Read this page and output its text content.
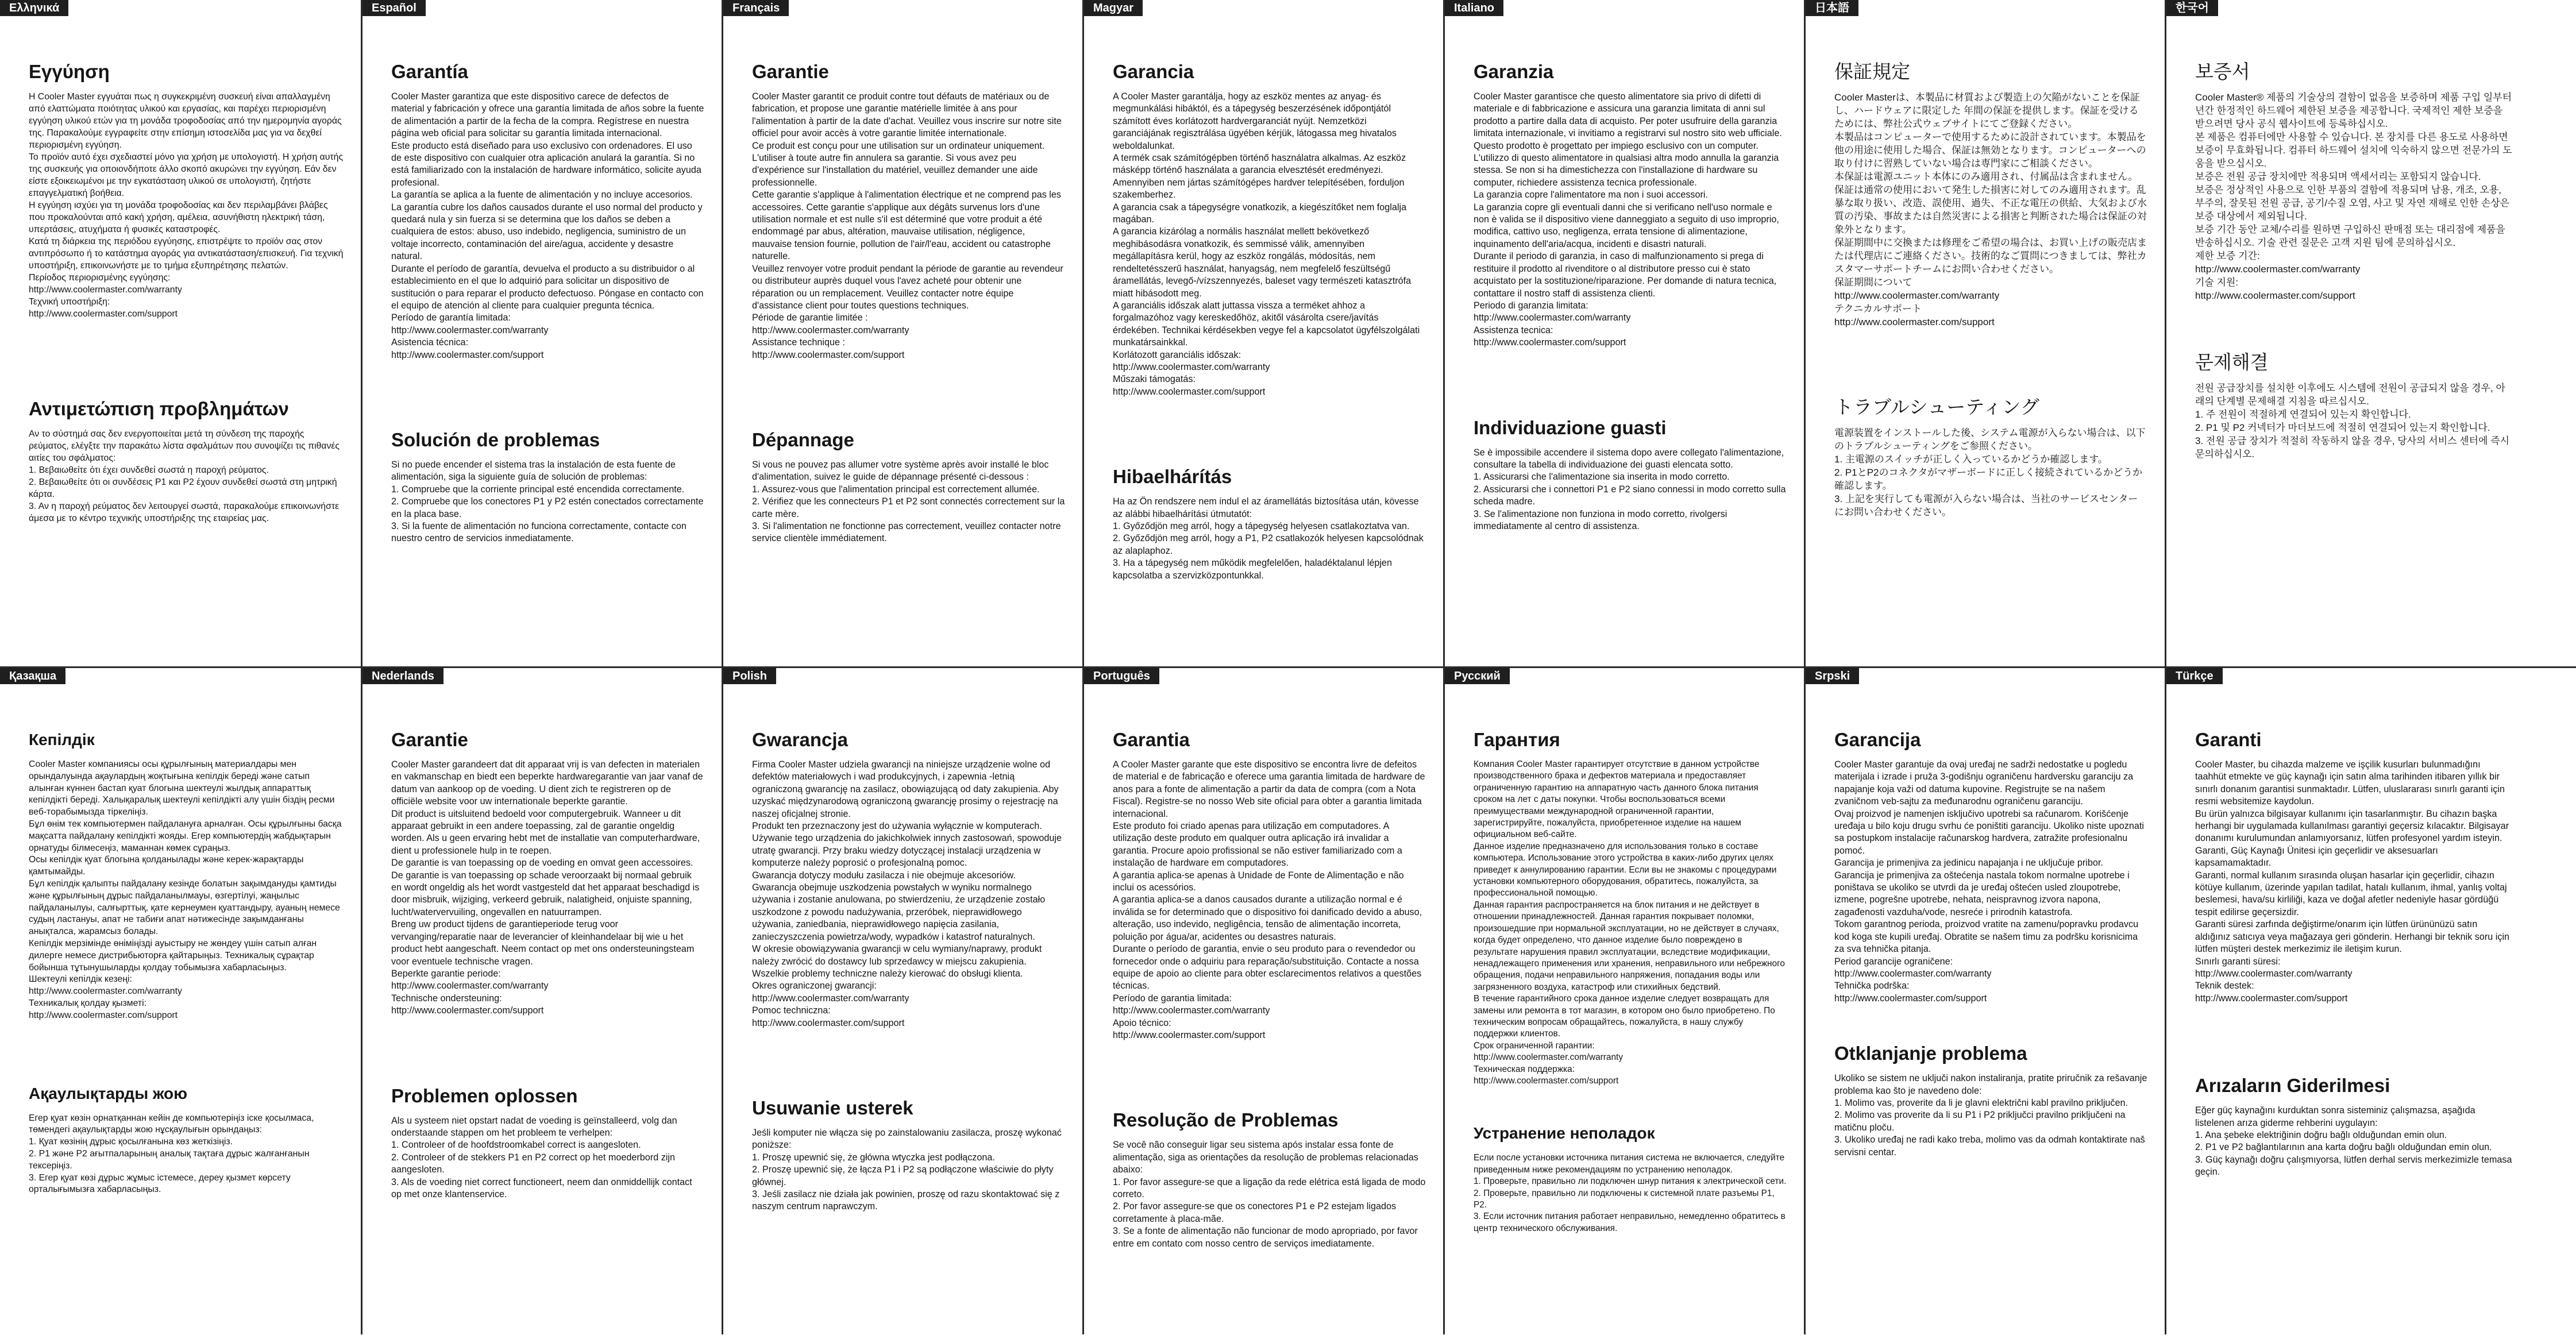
Ελληνικά
Εγγύηση

H Cooler Master εγγυάται πως η συγκεκριμένη συσκευή είναι απαλλαγμένη από ελαττώματα ποιότητας υλικού και εργασίας, και παρέχει περιορισμένη εγγύηση υλικού ετών για τη μονάδα τροφοδοσίας από την ημερομηνία αγοράς της. Παρακαλούμε εγγραφείτε στην επίσημη ιστοσελίδα μας για να δεχθεί περιορισμένη εγγύηση.

Το προϊόν αυτό έχει σχεδιαστεί μόνο για χρήση με υπολογιστή. Η χρήση αυτής της συσκευής για οποιονδήποτε άλλο σκοπό ακυρώνει την εγγύηση. Εάν δεν είστε εξοικειωμένοι με την εγκατάσταση υλικού σε υπολογιστή, ζητήστε επαγγελματική βοήθεια.

Η εγγύηση ισχύει για τη μονάδα τροφοδοσίας και δεν περιλαμβάνει βλάβες που προκαλούνται από κακή χρήση, αμέλεια, ασυνήθιστη ηλεκτρική τάση, υπερτάσεις, ατυχήματα ή φυσικές καταστροφές.

Κατά τη διάρκεια της περιόδου εγγύησης, επιστρέψτε το προϊόν σας στον αντιπρόσωπο ή το κατάστημα αγοράς για αντικατάσταση/επισκευή. Για τεχνική υποστήριξη, επικοινωνήστε με το τμήμα εξυπηρέτησης πελατών.

Περίοδος περιορισμένης εγγύησης:

http://www.coolermaster.com/warranty

Τεχνική υποστήριξη:

http://www.coolermaster.com/support

Αντιμετώπιση προβλημάτων

Αν το σύστημά σας δεν ενεργοποιείται μετά τη σύνδεση της παροχής ρεύματος, ελέγξτε την παρακάτω λίστα σφαλμάτων που συνοψίζει τις πιθανές αιτίες του σφάλματος:

1. Βεβαιωθείτε ότι έχει συνδεθεί σωστά η παροχή ρεύματος.

2. Βεβαιωθείτε ότι οι συνδέσεις P1 και P2 έχουν συνδεθεί σωστά στη μητρική κάρτα.

3. Αν η παροχή ρεύματος δεν λειτουργεί σωστά, παρακαλούμε επικοινωνήστε άμεσα με το κέντρο τεχνικής υποστήριξης της εταιρείας μας.

Español
Garantía

Cooler Master garantiza que este dispositivo carece de defectos de material y fabricación y ofrece una garantía limitada de años sobre la fuente de alimentación a partir de la fecha de la compra. Regístrese en nuestra página web oficial para solicitar su garantía limitada internacional.

Este producto está diseñado para uso exclusivo con ordenadores. El uso de este dispositivo con cualquier otra aplicación anulará la garantía. Si no está familiarizado con la instalación de hardware informático, solicite ayuda profesional.

La garantía se aplica a la fuente de alimentación y no incluye accesorios.

La garantía cubre los daños causados durante el uso normal del producto y quedará nula y sin fuerza si se determina que los daños se deben a cualquiera de estos: abuso, uso indebido, negligencia, suministro de un voltaje incorrecto, contaminación del aire/agua, accidente y desastre natural.

Durante el período de garantía, devuelva el producto a su distribuidor o al establecimiento en el que lo adquirió para solicitar un dispositivo de sustitución o para reparar el producto defectuoso. Póngase en contacto con el equipo de atención al cliente para cualquier pregunta técnica.

Período de garantía limitada:

http://www.coolermaster.com/warranty

Asistencia técnica:

http://www.coolermaster.com/support

Solución de problemas

Si no puede encender el sistema tras la instalación de esta fuente de alimentación, siga la siguiente guía de solución de problemas:

1. Compruebe que la corriente principal esté encendida correctamente.

2. Compruebe que los conectores P1 y P2 estén conectados correctamente en la placa base.

3. Si la fuente de alimentación no funciona correctamente, contacte con nuestro centro de servicios inmediatamente.

Français
Garantie

Cooler Master garantit ce produit contre tout défauts de matériaux ou de fabrication, et propose une garantie matérielle limitée à ans pour l'alimentation à partir de la date d'achat. Veuillez vous inscrire sur notre site officiel pour avoir accès à votre garantie limitée internationale.

Ce produit est conçu pour une utilisation sur un ordinateur uniquement. L'utiliser à toute autre fin annulera sa garantie. Si vous avez peu d'expérience sur l'installation du matériel, veuillez demander une aide professionnelle.

Cette garantie s'applique à l'alimentation électrique et ne comprend pas les accessoires. Cette garantie s'applique aux dégâts survenus lors d'une utilisation normale et est nulle s'il est déterminé que votre produit a été endommagé par abus, altération, mauvaise utilisation, négligence, mauvaise tension fournie, pollution de l'air/l'eau, accident ou catastrophe naturelle.

Veuillez renvoyer votre produit pendant la période de garantie au revendeur ou distributeur auprès duquel vous l'avez acheté pour obtenir une réparation ou un remplacement. Veuillez contacter notre équipe d'assistance client pour toutes questions techniques.

Période de garantie limitée :

http://www.coolermaster.com/warranty

Assistance technique :

http://www.coolermaster.com/support

Dépannage

Si vous ne pouvez pas allumer votre système après avoir installé le bloc d'alimentation, suivez le guide de dépannage présenté ci-dessous :

1. Assurez-vous que l'alimentation principal est correctement allumée.

2. Vérifiez que les connecteurs P1 et P2 sont connectés correctement sur la carte mère.

3. Si l'alimentation ne fonctionne pas correctement, veuillez contacter notre service clientèle immédiatement.

Magyar
Garancia

A Cooler Master garantálja, hogy az eszköz mentes az anyag- és megmunkálási hibáktól, és a tápegység beszerzésének időpontjától számított éves korlátozott hardvergaranciát nyújt. Nemzetközi garanciájának regisztrálása ügyében kérjük, látogassa meg hivatalos weboldalunkat.

A termék csak számítógépben történő használatra alkalmas. Az eszköz másképp történő használata a garancia elvesztését eredményezi. Amennyiben nem jártas számítógépes hardver telepítésében, forduljon szakemberhez.

A garancia csak a tápegységre vonatkozik, a kiegészítőket nem foglalja magában.

A garancia kizárólag a normális használat mellett bekövetkező meghibásodásra vonatkozik, és semmissé válik, amennyiben megállapításra kerül, hogy az eszköz rongálás, módosítás, nem rendeltetésszerű használat, hanyagság, nem megfelelő feszültségű áramellátás, levegő-/vízszennyezés, baleset vagy természeti katasztrófa miatt hibásodott meg.

A garanciális időszak alatt juttassa vissza a terméket ahhoz a forgalmazóhoz vagy kereskedőhöz, akitől vásárolta csere/javítás érdekében. Technikai kérdésekben vegye fel a kapcsolatot ügyfélszolgálati munkatársainkkal.

Korlátozott garanciális időszak:

http://www.coolermaster.com/warranty

Műszaki támogatás:

http://www.coolermaster.com/support

Hibaelhárítás

Ha az Ön rendszere nem indul el az áramellátás biztosítása után, kövesse az alábbi hibaelhárítási útmutatót:

1. Győződjön meg arról, hogy a tápegység helyesen csatlakoztatva van.

2. Győződjön meg arról, hogy a P1, P2 csatlakozók helyesen kapcsolódnak az alaplaphoz.

3. Ha a tápegység nem működik megfelelően, haladéktalanul lépjen kapcsolatba a szervizközpontunkkal.

Italiano
Garanzia

Cooler Master garantisce che questo alimentatore sia privo di difetti di materiale e di fabbricazione e assicura una garanzia limitata di anni sul prodotto a partire dalla data di acquisto. Per poter usufruire della garanzia limitata internazionale, vi invitiamo a registrarvi sul nostro sito web ufficiale.

Questo prodotto è progettato per impiego esclusivo con un computer. L'utilizzo di questo alimentatore in qualsiasi altra modo annulla la garanzia stessa. Se non si ha dimestichezza con l'installazione di hardware su computer, richiedere assistenza tecnica professionale.

La garanzia copre l'alimentatore ma non i suoi accessori.

La garanzia copre gli eventuali danni che si verificano nell'uso normale e non è valida se il dispositivo viene danneggiato a seguito di uso improprio, modifica, cattivo uso, negligenza, errata tensione di alimentazione, inquinamento dell'aria/acqua, incidenti e disastri naturali.

Durante il periodo di garanzia, in caso di malfunzionamento si prega di restituire il prodotto al rivenditore o al distributore presso cui è stato acquistato per la sostituzione/riparazione. Per domande di natura tecnica, contattare il nostro staff di assistenza clienti.

Periodo di garanzia limitata:

http://www.coolermaster.com/warranty

Assistenza tecnica:

http://www.coolermaster.com/support

Individuazione guasti

Se è impossibile accendere il sistema dopo avere collegato l'alimentazione, consultare la tabella di individuazione dei guasti elencata sotto.

1. Assicurarsi che l'alimentazione sia inserita in modo corretto.

2. Assicurarsi che i connettori P1 e P2 siano connessi in modo corretto sulla scheda madre.

3. Se l'alimentazione non funziona in modo corretto, rivolgersi immediatamente al centro di assistenza.

日本語
保証規定

Cooler Masterは、本製品に材質および製造上の欠陥がないことを保証し、ハードウェアに限定した 年間の保証を提供します。保証を受けるためには、弊社公式ウェブサイトにてご登録ください。

本製品はコンピューターで使用するために設計されています。本製品を他の用途に使用した場合、保証は無効となります。コンピューターへの取り付けに習熟していない場合は専門家にご相談ください。

本保証は電源ユニット本体にのみ適用され、付属品は含まれません。

保証は通常の使用において発生した損害に対してのみ適用されます。乱暴な取り扱い、改造、誤使用、過失、不正な電圧の供給、大気および水質の汚染、事故または自然災害による損害と判断された場合は保証の対象外となります。

保証期間中に交換または修理をご希望の場合は、お買い上げの販売店または代理店にご連絡ください。技術的なご質問につきましては、弊社カスタマーサポートチームにお問い合わせください。

保証期間について

http://www.coolermaster.com/warranty

テクニカルサポート

http://www.coolermaster.com/support

トラブルシューティング

電源装置をインストールした後、システム電源が入らない場合は、以下のトラブルシューティングをご参照ください。

1. 主電源のスイッチが正しく入っているかどうか確認します。

2. P1とP2のコネクタがマザーボードに正しく接続されているかどうか確認します。

3. 上記を実行しても電源が入らない場合は、当社のサービスセンターにお問い合わせください。

한국어
보증서

Cooler Master® 제품의 기술상의 결함이 없음을 보증하며 제품 구입 일부터 년간 한정적인 하드웨어 제한된 보증을 제공합니다. 국제적인 제한 보증을 받으려면 당사 공식 웹사이트에 등록하십시오.

본 제품은 컴퓨터에만 사용할 수 있습니다. 본 장치를 다른 용도로 사용하면 보증이 무효화됩니다. 컴퓨터 하드웨어 설치에 익숙하지 않으면 전문가의 도움을 받으십시오.

보증은 전원 공급 장치에만 적용되며 액세서리는 포함되지 않습니다.

보증은 정상적인 사용으로 인한 부품의 결함에 적용되며 남용, 개조, 오용, 부주의, 잘못된 전원 공급, 공기/수질 오염, 사고 및 자연 재해로 인한 손상은 보증 대상에서 제외됩니다.

보증 기간 동안 교체/수리를 원하면 구입하신 판매점 또는 대리점에 제품을 반송하십시오. 기술 관련 질문은 고객 지원 팀에 문의하십시오.

제한 보증 기간:

http://www.coolermaster.com/warranty

기술 지원:

http://www.coolermaster.com/support

문제해결

전원 공급장치를 설치한 이후에도 시스템에 전원이 공급되지 않을 경우, 아래의 단계별 문제해결 지침을 따르십시오.

1. 주 전원이 적절하게 연결되어 있는지 확인합니다.

2. P1 및 P2 커넥터가 마더보드에 적절히 연결되어 있는지 확인합니다.

3. 전원 공급 장치가 적절히 작동하지 않을 경우, 당사의 서비스 센터에 즉시 문의하십시오.

Қазақша
Кепілдік

Cooler Master компаниясы осы құрылғының материалдары мен орындалуында ақаулардың жоқтығына кепілдік береді және сатып алынған күннен бастап қуат блогына шектеулі жылдық аппараттық кепілдікті береді. Халықаралық шектеулі кепілдікті алу үшін біздің ресми веб-торабымызда тіркеліңіз.

Бұл өнім тек компьютермен пайдалануға арналған. Осы құрылғыны басқа мақсатта пайдалану кепілдікті жояды. Егер компьютердің жабдықтарын орнатуды білмесеңіз, маманнан көмек сұраңыз.

Осы кепілдік қуат блогына қолданылады және керек-жарақтарды қамтымайды.

Бұл кепілдік қалыпты пайдалану кезінде болатын зақымдануды қамтиды және құрылғының дұрыс пайдаланылмауы, өзгертілуі, жаңылыс пайдаланылуы, салғырттық, қате кернеумен қуаттандыру, ауаның немесе судың ластануы, апат не табиғи апат нәтижесінде зақымданғаны анықталса, жарамсыз болады.

Кепілдік мерзімінде өніміңізді ауыстыру не жөндеу үшін сатып алған дилерге немесе дистрибьюторға қайтарыңыз. Техникалық сұрақтар бойынша тұтынушыларды қолдау тобымызға хабарласыңыз.

Шектеулі кепілдік кезеңі:

http://www.coolermaster.com/warranty

Техникалық қолдау қызметі:

http://www.coolermaster.com/support

Ақаулықтарды жою

Егер қуат көзін орнатқаннан кейін де компьютеріңіз іске қосылмаса, төмендегі ақаулықтарды жою нұсқаулығын орындаңыз:

1. Қуат көзінің дұрыс қосылғанына көз жеткізіңіз.

2. P1 және P2 ағытпаларының аналық тақтаға дұрыс жалғанғанын тексеріңіз.

3. Егер қуат көзі дұрыс жұмыс істемесе, дереу қызмет көрсету орталығымызға хабарласыңыз.

Nederlands
Garantie

Cooler Master garandeert dat dit apparaat vrij is van defecten in materialen en vakmanschap en biedt een beperkte hardwaregarantie van jaar vanaf de datum van aankoop op de voeding. U dient zich te registreren op de officiële website voor uw internationale beperkte garantie.

Dit product is uitsluitend bedoeld voor computergebruik. Wanneer u dit apparaat gebruikt in een andere toepassing, zal de garantie ongeldig worden. Als u geen ervaring hebt met de installatie van computerhardware, dient u professionele hulp in te roepen.

De garantie is van toepassing op de voeding en omvat geen accessoires.

De garantie is van toepassing op schade veroorzaakt bij normaal gebruik en wordt ongeldig als het wordt vastgesteld dat het apparaat beschadigd is door misbruik, wijziging, verkeerd gebruik, nalatigheid, onjuiste spanning, lucht/watervervuiling, ongevallen en natuurrampen.

Breng uw product tijdens de garantieperiode terug voor vervanging/reparatie naar de leverancier of kleinhandelaar bij wie u het product hebt aangeschaft. Neem contact op met ons ondersteuningsteam voor eventuele technische vragen.

Beperkte garantie periode:

http://www.coolermaster.com/warranty

Technische ondersteuning:

http://www.coolermaster.com/support

Problemen oplossen

Als u systeem niet opstart nadat de voeding is geïnstalleerd, volg dan onderstaande stappen om het probleem te verhelpen:

1. Controleer of de hoofdstroomkabel correct is aangesloten.

2. Controleer of de stekkers P1 en P2 correct op het moederbord zijn aangesloten.

3. Als de voeding niet correct functioneert, neem dan onmiddellijk contact op met onze klantenservice.

Polish
Gwarancja

Firma Cooler Master udziela gwarancji na niniejsze urządzenie wolne od defektów materiałowych i wad produkcyjnych, i zapewnia -letnią ograniczoną gwarancję na zasilacz, obowiązującą od daty zakupienia. Aby uzyskać międzynarodową ograniczoną gwarancję prosimy o rejestrację na naszej oficjalnej stronie.

Produkt ten przeznaczony jest do używania wyłącznie w komputerach. Używanie tego urządzenia do jakichkolwiek innych zastosowań, spowoduje utratę gwarancji. Przy braku wiedzy dotyczącej instalacji urządzenia w komputerze należy poprosić o profesjonalną pomoc.

Gwarancja dotyczy modułu zasilacza i nie obejmuje akcesoriów.

Gwarancja obejmuje uszkodzenia powstałych w wyniku normalnego używania i zostanie anulowana, po stwierdzeniu, że urządzenie zostało uszkodzone z powodu nadużywania, przeróbek, nieprawidłowego używania, zaniedbania, nieprawidłowego napięcia zasilania, zanieczyszczenia powietrza/wody, wypadków i katastrof naturalnych.

W okresie obowiązywania gwarancji w celu wymiany/naprawy, produkt należy zwrócić do dostawcy lub sprzedawcy w miejscu zakupienia. Wszelkie problemy techniczne należy kierować do obsługi klienta.

Okres ograniczonej gwarancji:

http://www.coolermaster.com/warranty

Pomoc techniczna:

http://www.coolermaster.com/support

Usuwanie usterek

Jeśli komputer nie włącza się po zainstalowaniu zasilacza, proszę wykonać poniższe:

1. Proszę upewnić się, że główna wtyczka jest podłączona.

2. Proszę upewnić się, że łącza P1 i P2 są podłączone właściwie do płyty głównej.

3. Jeśli zasilacz nie działa jak powinien, proszę od razu skontaktować się z naszym centrum naprawczym.

Português
Garantia

A Cooler Master garante que este dispositivo se encontra livre de defeitos de material e de fabricação e oferece uma garantia limitada de hardware de anos para a fonte de alimentação a partir da data de compra (com a Nota Fiscal). Registre-se no nosso Web site oficial para obter a garantia limitada internacional.

Este produto foi criado apenas para utilização em computadores. A utilização deste produto em qualquer outra aplicação irá invalidar a garantia. Procure apoio profissional se não estiver familiarizado com a instalação de hardware em computadores.

A garantia aplica-se apenas à Unidade de Fonte de Alimentação e não inclui os acessórios.

A garantia aplica-se a danos causados durante a utilização normal e é inválida se for determinado que o dispositivo foi danificado devido a abuso, alteração, uso indevido, negligência, tensão de alimentação incorreta, poluição por água/ar, acidentes ou desastres naturais.

Durante o período de garantia, envie o seu produto para o revendedor ou fornecedor onde o adquiriu para reparação/substituição. Contacte a nossa equipe de apoio ao cliente para obter esclarecimentos relativos a questões técnicas.

Período de garantia limitada:

http://www.coolermaster.com/warranty

Apoio técnico:

http://www.coolermaster.com/support

Resolução de Problemas

Se você não conseguir ligar seu sistema após instalar essa fonte de alimentação, siga as orientações da resolução de problemas relacionadas abaixo:

1. Por favor assegure-se que a ligação da rede elétrica está ligada de modo correto.

2. Por favor assegure-se que os conectores P1 e P2 estejam ligados corretamente à placa-mãe.

3. Se a fonte de alimentação não funcionar de modo apropriado, por favor entre em contato com nosso centro de serviços imediatamente.

Русский
Гарантия

Компания Cooler Master гарантирует отсутствие в данном устройстве производственного брака и дефектов материала и предоставляет ограниченную гарантию на аппаратную часть данного блока питания сроком на лет с даты покупки. Чтобы воспользоваться всеми преимуществами международной ограниченной гарантии, зарегистрируйте, пожалуйста, приобретенное изделие на нашем официальном веб-сайте.

Данное изделие предназначено для использования только в составе компьютера. Использование этого устройства в каких-либо других целях приведет к аннулированию гарантии. Если вы не знакомы с процедурами установки компьютерного оборудования, обратитесь, пожалуйста, за профессиональной помощью.

Данная гарантия распространяется на блок питания и не действует в отношении принадлежностей. Данная гарантия покрывает поломки, произошедшие при нормальной эксплуатации, но не действует в случаях, когда будет определено, что данное изделие было повреждено в результате нарушения правил эксплуатации, вследствие модификации, ненадлежащего применения или хранения, неправильного или небрежного обращения, подачи неправильного напряжения, попадания воды или загрязненного воздуха, катастроф или стихийных бедствий.

В течение гарантийного срока данное изделие следует возвращать для замены или ремонта в тот магазин, в котором оно было приобретено. По техническим вопросам обращайтесь, пожалуйста, в нашу службу поддержки клиентов.

Срок ограниченной гарантии:

http://www.coolermaster.com/warranty

Техническая поддержка:

http://www.coolermaster.com/support

Устранение неполадок

Если после установки источника питания система не включается, следуйте приведенным ниже рекомендациям по устранению неполадок.

1. Проверьте, правильно ли подключен шнур питания к электрической сети.

2. Проверьте, правильно ли подключены к системной плате разъемы P1, P2.

3. Если источник питания работает неправильно, немедленно обратитесь в центр технического обслуживания.

Srpski
Garancija

Cooler Master garantuje da ovaj uređaj ne sadrži nedostatke u pogledu materijala i izrade i pruža 3-godišnju ograničenu hardversku garanciju za napajanje koja važi od datuma kupovine. Registrujte se na našem zvaničnom veb-sajtu za međunarodnu ograničenu garanciju.

Ovaj proizvod je namenjen isključivo upotrebi sa računarom. Korišćenje uređaja u bilo koju drugu svrhu će poništiti garanciju. Ukoliko niste upoznati sa postupkom instalacije računarskog hardvera, zatražite profesionalnu pomoć.

Garancija je primenjiva za jedinicu napajanja i ne uključuje pribor.

Garancija je primenjiva za oštećenja nastala tokom normalne upotrebe i poništava se ukoliko se utvrdi da je uređaj oštećen usled zloupotrebe, izmene, pogrešne upotrebe, nehata, neispravnog izvora napona, zagađenosti vazduha/vode, nesreće i prirodnih katastrofa.

Tokom garantnog perioda, proizvod vratite na zamenu/popravku prodavcu kod koga ste kupili uređaj. Obratite se našem timu za podršku korisnicima za sva tehnička pitanja.

Period garancije ograničene:

http://www.coolermaster.com/warranty

Tehnička podrška:

http://www.coolermaster.com/support

Otklanjanje problema

Ukoliko se sistem ne uključi nakon instaliranja, pratite priručnik za rešavanje problema kao što je navedeno dole:

1. Molimo vas, proverite da li je glavni električni kabl pravilno priključen.

2. Molimo vas proverite da li su P1 i P2 priključci pravilno priključeni na matičnu ploču.

3. Ukoliko uređaj ne radi kako treba, molimo vas da odmah kontaktirate naš servisni centar.

Türkçe
Garanti

Cooler Master, bu cihazda malzeme ve işçilik kusurları bulunmadığını taahhüt etmekte ve güç kaynağı için satın alma tarihinden itibaren yıllık bir sınırlı donanım garantisi sunmaktadır. Lütfen, uluslararası sınırlı garanti için resmi websitemize kaydolun.

Bu ürün yalnızca bilgisayar kullanımı için tasarlanmıştır. Bu cihazın başka herhangi bir uygulamada kullanılması garantiyi geçersiz kılacaktır. Bilgisayar donanımı kurulumundan anlamıyorsanız, lütfen profesyonel yardım isteyin.

Garanti, Güç Kaynağı Ünitesi için geçerlidir ve aksesuarları kapsamamaktadır.

Garanti, normal kullanım sırasında oluşan hasarlar için geçerlidir, cihazın kötüye kullanım, üzerinde yapılan tadilat, hatalı kullanım, ihmal, yanlış voltaj beslemesi, hava/su kirliliği, kaza ve doğal afetler nedeniyle hasar gördüğü tespit edilirse geçersizdir.

Garanti süresi zarfında değiştirme/onarım için lütfen ürününüzü satın aldığınız satıcıya veya mağazaya geri gönderin. Herhangi bir teknik soru için lütfen müşteri destek merkezimiz ile iletişim kurun.

Sınırlı garanti süresi:

http://www.coolermaster.com/warranty

Teknik destek:

http://www.coolermaster.com/support

Arızaların Giderilmesi

Eğer güç kaynağını kurduktan sonra sisteminiz çalışmazsa, aşağıda listelenen arıza giderme rehberini uygulayın:

1. Ana şebeke elektriğinin doğru bağlı olduğundan emin olun.

2. P1 ve P2 bağlantılarının ana karta doğru bağlı olduğundan emin olun.

3. Güç kaynağı doğru çalışmıyorsa, lütfen derhal servis merkezimizle temasa geçin.
